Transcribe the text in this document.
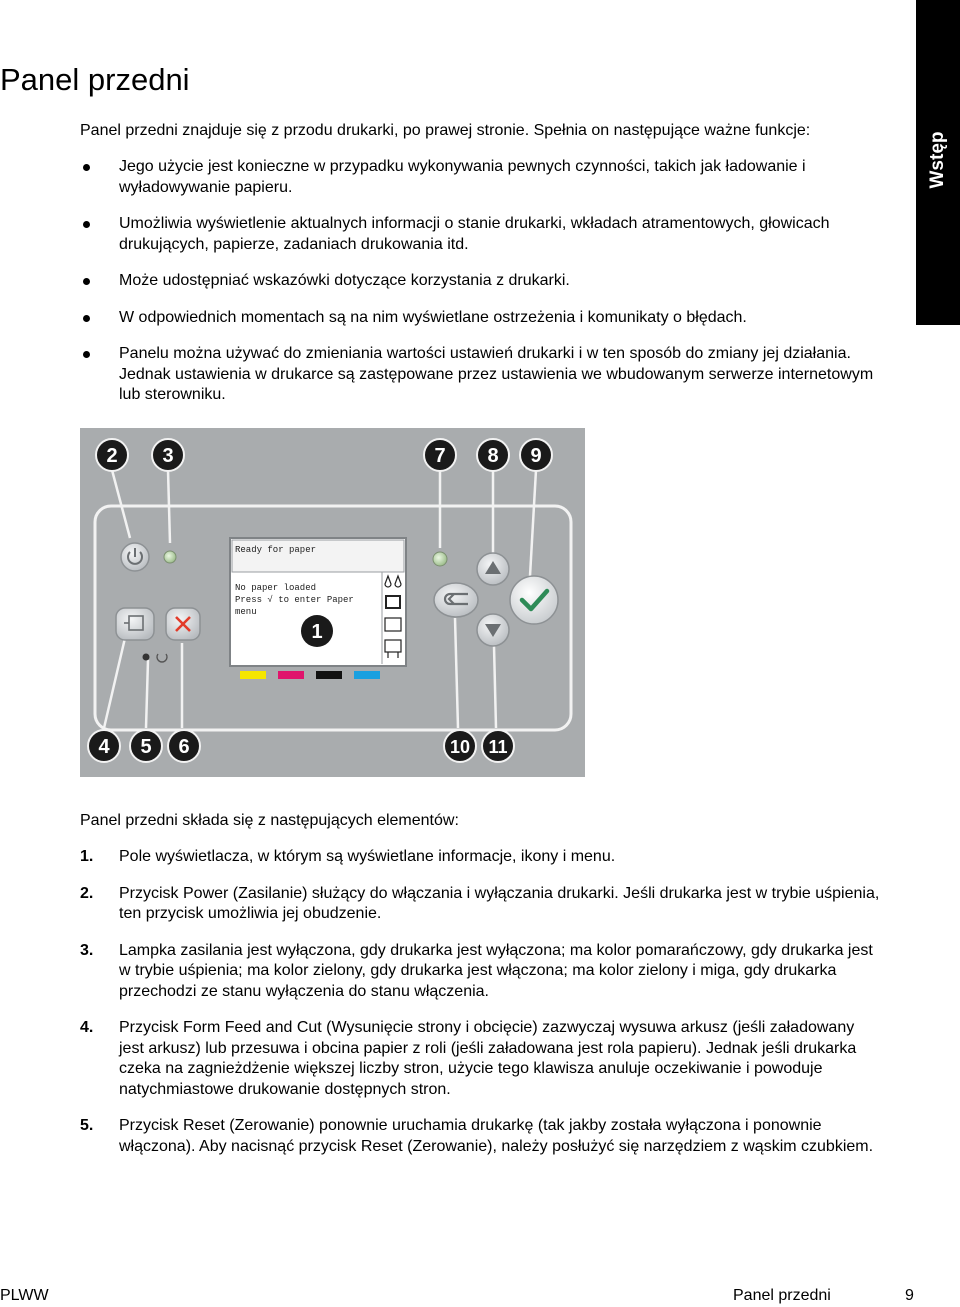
Panel przedni
Wstęp

Panel przedni znajduje się z przodu drukarki, po prawej stronie. Spełnia on następujące ważne funkcje:

Jego użycie jest konieczne w przypadku wykonywania pewnych czynności, takich jak ładowanie i wyładowywanie papieru.
Umożliwia wyświetlenie aktualnych informacji o stanie drukarki, wkładach atramentowych, głowicach drukujących, papierze, zadaniach drukowania itd.
Może udostępniać wskazówki dotyczące korzystania z drukarki.
W odpowiednich momentach są na nim wyświetlane ostrzeżenia i komunikaty o błędach.
Panelu można używać do zmieniania wartości ustawień drukarki i w ten sposób do zmiany jej działania. Jednak ustawienia w drukarce są zastępowane przez ustawienia we wbudowanym serwerze internetowym lub sterowniku.
Ready for paper
No paper loaded
Press √ to enter Paper
menu
2 3	7 8 9
1
4 5 6	10 11

Panel przedni składa się z następujących elementów:

1. Pole wyświetlacza, w którym są wyświetlane informacje, ikony i menu.
2. Przycisk Power (Zasilanie) służący do włączania i wyłączania drukarki. Jeśli drukarka jest w trybie uśpienia, ten przycisk umożliwia jej obudzenie.
3. Lampka zasilania jest wyłączona, gdy drukarka jest wyłączona; ma kolor pomarańczowy, gdy drukarka jest w trybie uśpienia; ma kolor zielony, gdy drukarka jest włączona; ma kolor zielony i miga, gdy drukarka przechodzi ze stanu wyłączenia do stanu włączenia.
4. Przycisk Form Feed and Cut (Wysunięcie strony i obcięcie) zazwyczaj wysuwa arkusz (jeśli załadowany jest arkusz) lub przesuwa i obcina papier z roli (jeśli załadowana jest rola papieru). Jednak jeśli drukarka czeka na zagnieżdżenie większej liczby stron, użycie tego klawisza anuluje oczekiwanie i powoduje natychmiastowe drukowanie dostępnych stron.
5. Przycisk Reset (Zerowanie) ponownie uruchamia drukarkę (tak jakby została wyłączona i ponownie włączona). Aby nacisnąć przycisk Reset (Zerowanie), należy posłużyć się narzędziem z wąskim czubkiem.
PLWW	Panel przedni	9
